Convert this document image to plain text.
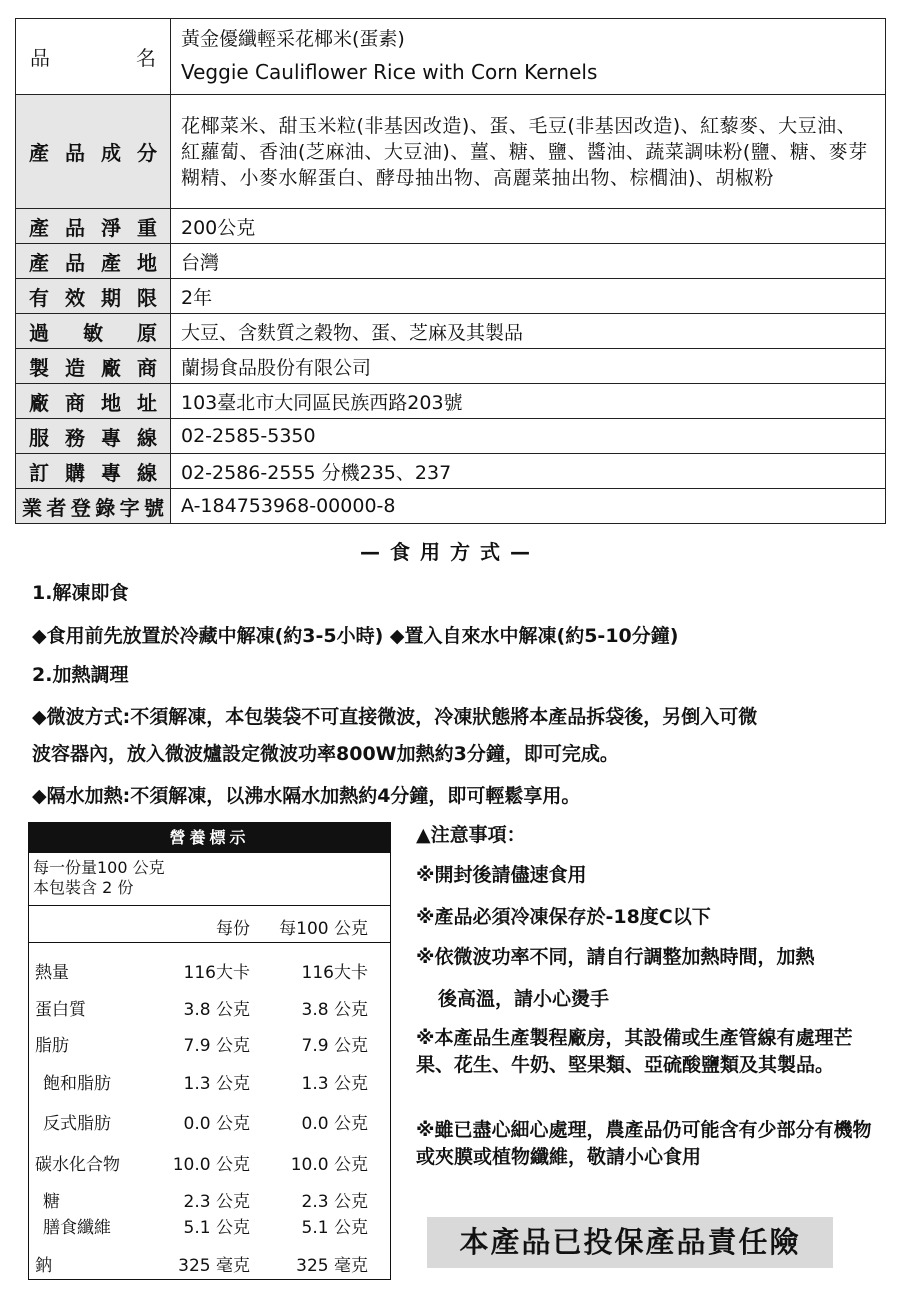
品名	黃金優纖輕采花椰米(蛋素)
Veggie Cauliflower Rice with Corn Kernels

產品成分	花椰菜米、甜玉米粒(非基因改造)、蛋、毛豆(非基因改造)、紅藜麥、大豆油、紅蘿蔔、香油(芝麻油、大豆油)、薑、糖、鹽、醬油、蔬菜調味粉(鹽、糖、麥芽糊精、小麥水解蛋白、酵母抽出物、高麗菜抽出物、棕櫚油)、胡椒粉
產品淨重	200公克
產品產地	台灣
有效期限	2年
過敏原	大豆、含麩質之穀物、蛋、芝麻及其製品
製造廠商	蘭揚食品股份有限公司
廠商地址	103臺北市大同區民族西路203號
服務專線	02-2585-5350
訂購專線	02-2586-2555 分機235、237
業者登錄字號	A-184753968-00000-8
—食用方式—
1.解凍即食
◆食用前先放置於冷藏中解凍(約3-5小時) ◆置入自來水中解凍(約5-10分鐘)
2.加熱調理
◆微波方式:不須解凍，本包裝袋不可直接微波，冷凍狀態將本產品拆袋後，另倒入可微
波容器內，放入微波爐設定微波功率800W加熱約3分鐘，即可完成。
◆隔水加熱:不須解凍，以沸水隔水加熱約4分鐘，即可輕鬆享用。
營養標示
每一份量100 公克
本包裝含 2 份
每份 每100 公克
熱量	116大卡	116大卡
蛋白質	3.8 公克	3.8 公克
脂肪	7.9 公克	7.9 公克
飽和脂肪	1.3 公克	1.3 公克
反式脂肪	0.0 公克	0.0 公克
碳水化合物	10.0 公克 10.0 公克
糖	2.3 公克	2.3 公克
膳食纖維	5.1 公克	5.1 公克
鈉	325 毫克	325 毫克
▲注意事項：
※開封後請儘速食用
※產品必須冷凍保存於-18度C以下
※依微波功率不同，請自行調整加熱時間，加熱
後高溫，請小心燙手
※本產品生產製程廠房，其設備或生產管線有處理芒果、花生、牛奶、堅果類、亞硫酸鹽類及其製品。
※雖已盡心細心處理，農產品仍可能含有少部分有機物或夾膜或植物纖維，敬請小心食用
本產品已投保產品責任險
